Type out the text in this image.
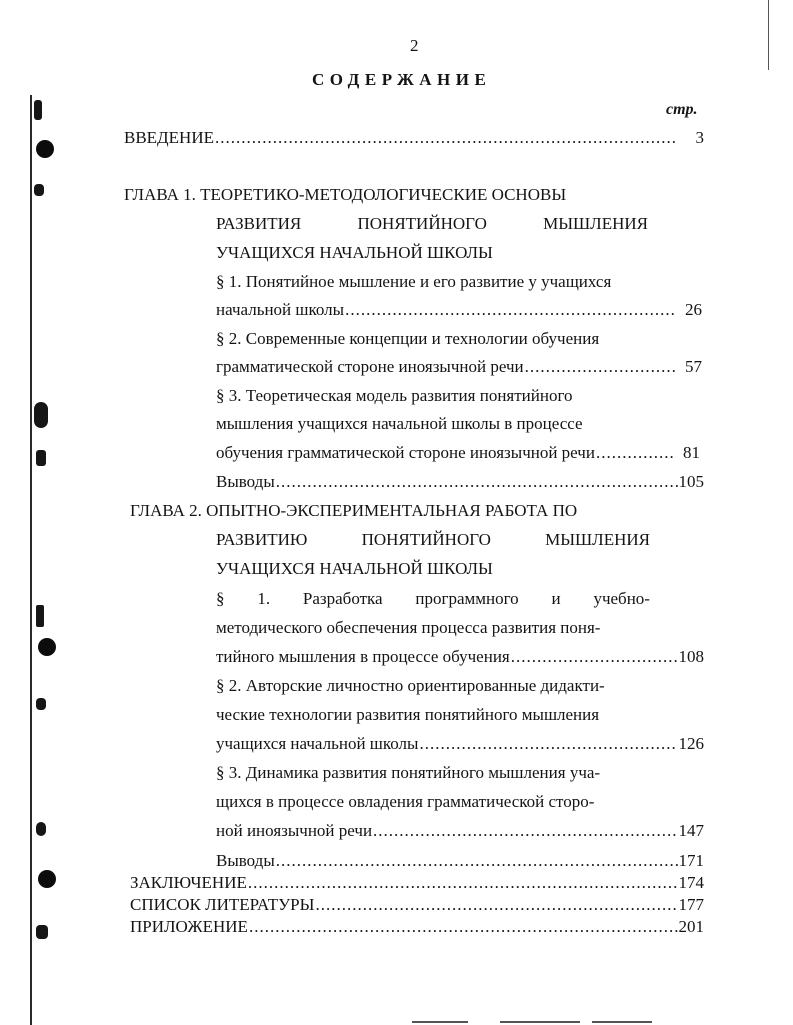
2
СОДЕРЖАНИЕ
стр.
ВВЕДЕНИЕ .....	3
ГЛАВА 1. ТЕОРЕТИКО-МЕТОДОЛОГИЧЕСКИЕ ОСНОВЫ
РАЗВИТИЯ	ПОНЯТИЙНОГО	МЫШЛЕНИЯ
УЧАЩИХСЯ НАЧАЛЬНОЙ ШКОЛЫ
§ 1. Понятийное мышление и его развитие у учащихся
начальной школы .....	26
§ 2. Современные концепции и технологии обучения
грамматической стороне иноязычной речи .....	57
§ 3. Теоретическая модель развития понятийного
мышления учащихся начальной школы в процессе
обучения грамматической стороне иноязычной речи .....	81
Выводы .....	105
ГЛАВА 2. ОПЫТНО-ЭКСПЕРИМЕНТАЛЬНАЯ РАБОТА ПО
РАЗВИТИЮ	ПОНЯТИЙНОГО	МЫШЛЕНИЯ
УЧАЩИХСЯ НАЧАЛЬНОЙ ШКОЛЫ
§ 1. Разработка программного и учебно-
методического обеспечения процесса развития поня-
тийного мышления в процессе обучения .....	108
§ 2. Авторские личностно ориентированные дидакти-
ческие технологии развития понятийного мышления
учащихся начальной школы .....	126
§ 3. Динамика развития понятийного мышления уча-
щихся в процессе овладения грамматической сторо-
ной иноязычной речи .....	147
Выводы .....	171
ЗАКЛЮЧЕНИЕ .....	174
СПИСОК ЛИТЕРАТУРЫ .....	177
ПРИЛОЖЕНИЕ .....	201
